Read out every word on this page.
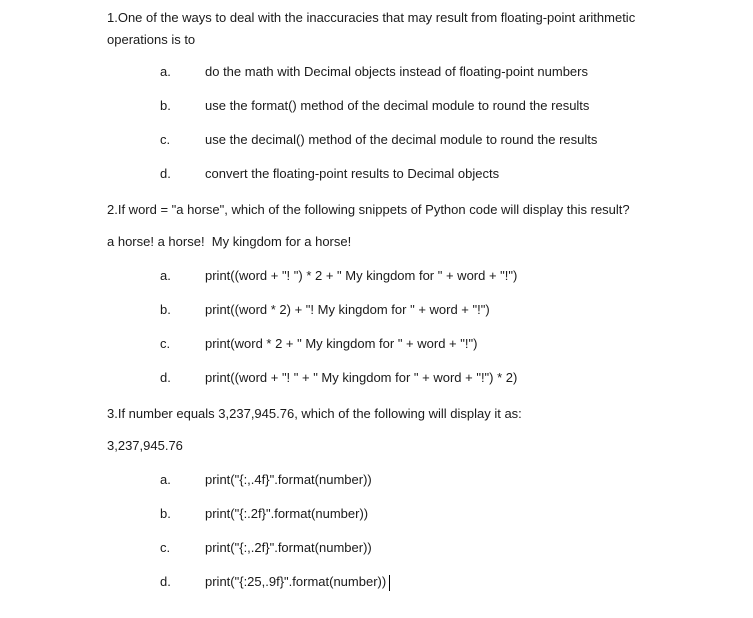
1.One of the ways to deal with the inaccuracies that may result from floating-point arithmetic
operations is to
a.	do the math with Decimal objects instead of floating-point numbers
b.	use the format() method of the decimal module to round the results
c.	use the decimal() method of the decimal module to round the results
d.	convert the floating-point results to Decimal objects
2.If word = "a horse", which of the following snippets of Python code will display this result?
a horse! a horse!  My kingdom for a horse!
a.	print((word + "! ") * 2 + " My kingdom for " + word + "!")
b.	print((word * 2) + "! My kingdom for " + word + "!")
c.	print(word * 2 + " My kingdom for " + word + "!")
d.	print((word + "! " + " My kingdom for " + word + "!") * 2)
3.If number equals 3,237,945.76, which of the following will display it as:
3,237,945.76
a.	print("{:,.4f}".format(number))
b.	print("{:.2f}".format(number))
c.	print("{:,.2f}".format(number))
d.	print("{:25,.9f}".format(number))
